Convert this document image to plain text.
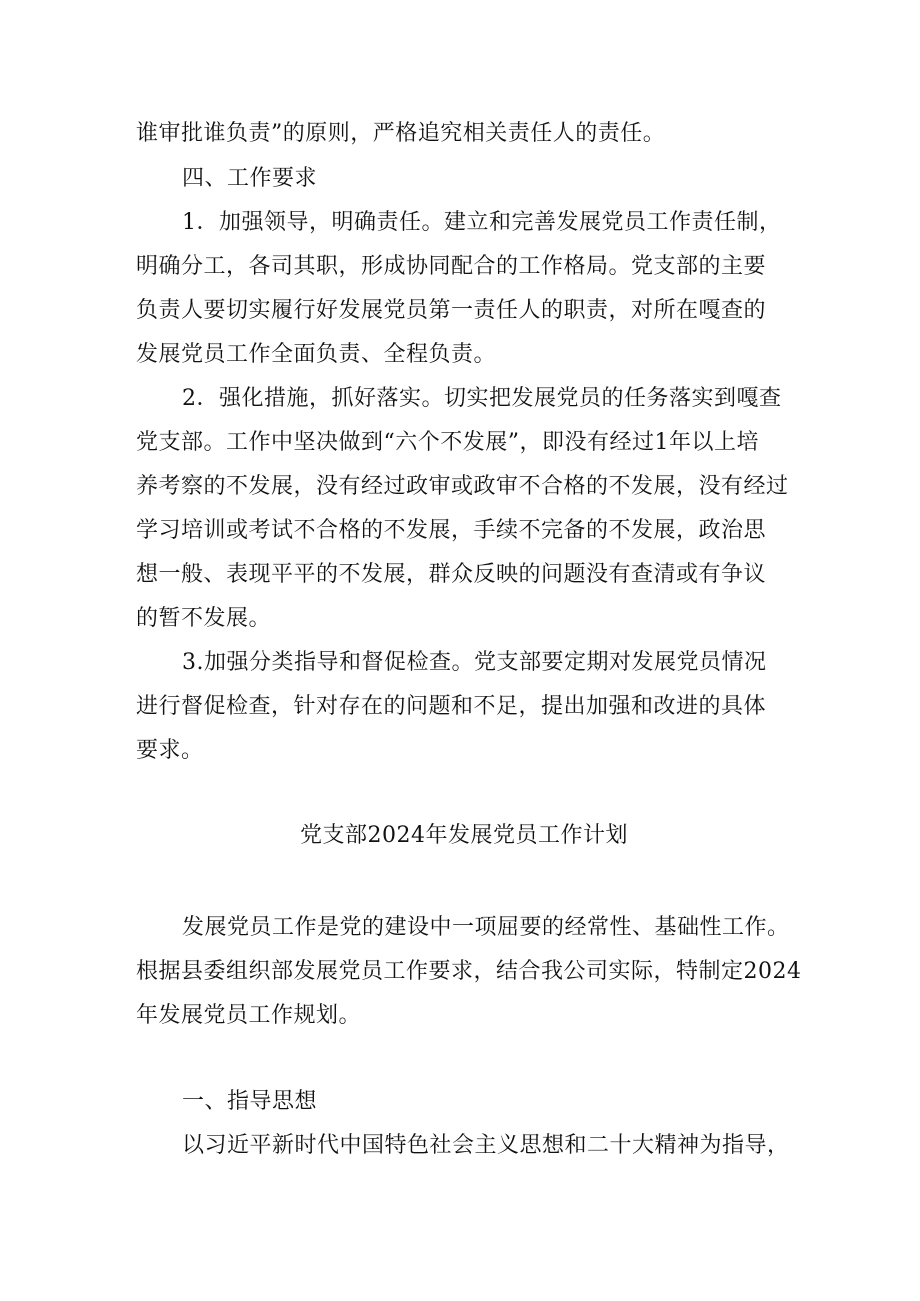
谁审批谁负责”的原则，严格追究相关责任人的责任。
四、工作要求
1．加强领导，明确责任。建立和完善发展党员工作责任制，
明确分工，各司其职，形成协同配合的工作格局。党支部的主要
负责人要切实履行好发展党员第一责任人的职责，对所在嘎查的
发展党员工作全面负责、全程负责。
2．强化措施，抓好落实。切实把发展党员的任务落实到嘎查
党支部。工作中坚决做到“六个不发展”，即没有经过1年以上培
养考察的不发展，没有经过政审或政审不合格的不发展，没有经过
学习培训或考试不合格的不发展，手续不完备的不发展，政治思
想一般、表现平平的不发展，群众反映的问题没有查清或有争议
的暂不发展。
3.加强分类指导和督促检查。党支部要定期对发展党员情况
进行督促检查，针对存在的问题和不足，提出加强和改进的具体
要求。
党支部2024年发展党员工作计划
发展党员工作是党的建设中一项屈要的经常性、基础性工作。
根据县委组织部发展党员工作要求，结合我公司实际，特制定2024
年发展党员工作规划。
一、指导思想
以习近平新时代中国特色社会主义思想和二十大精神为指导，
